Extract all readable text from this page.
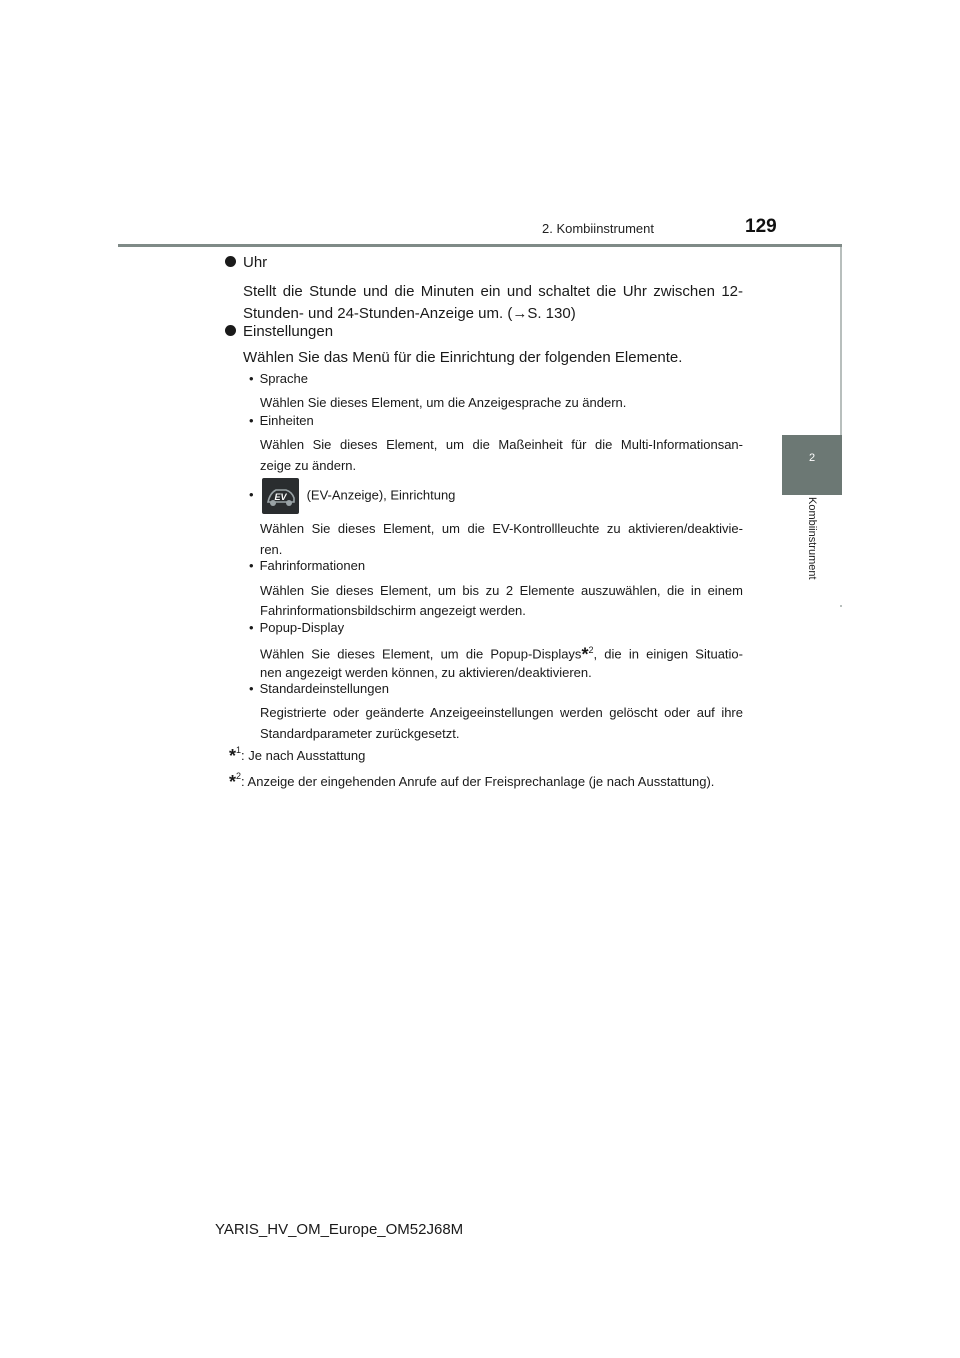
2. Kombiinstrument	129
2
Kombiinstrument
Uhr
Stellt die Stunde und die Minuten ein und schaltet die Uhr zwischen 12-
Stunden- und 24-Stunden-Anzeige um. (→S. 130)
Einstellungen
Wählen Sie das Menü für die Einrichtung der folgenden Elemente.
• Sprache
Wählen Sie dieses Element, um die Anzeigesprache zu ändern.
• Einheiten
Wählen Sie dieses Element, um die Maßeinheit für die Multi-Informationsan-
zeige zu ändern.
• EV (EV-Anzeige), Einrichtung
Wählen Sie dieses Element, um die EV-Kontrollleuchte zu aktivieren/deaktivie-
ren.
• Fahrinformationen
Wählen Sie dieses Element, um bis zu 2 Elemente auszuwählen, die in einem
Fahrinformationsbildschirm angezeigt werden.
• Popup-Display
Wählen Sie dieses Element, um die Popup-Displays*$^2$, die in einigen Situatio-
nen angezeigt werden können, zu aktivieren/deaktivieren.
• Standardeinstellungen
Registrierte oder geänderte Anzeigeeinstellungen werden gelöscht oder auf ihre
Standardparameter zurückgesetzt.
*$^1$: Je nach Ausstattung
*$^2$: Anzeige der eingehenden Anrufe auf der Freisprechanlage (je nach Ausstattung).
YARIS_HV_OM_Europe_OM52J68M
